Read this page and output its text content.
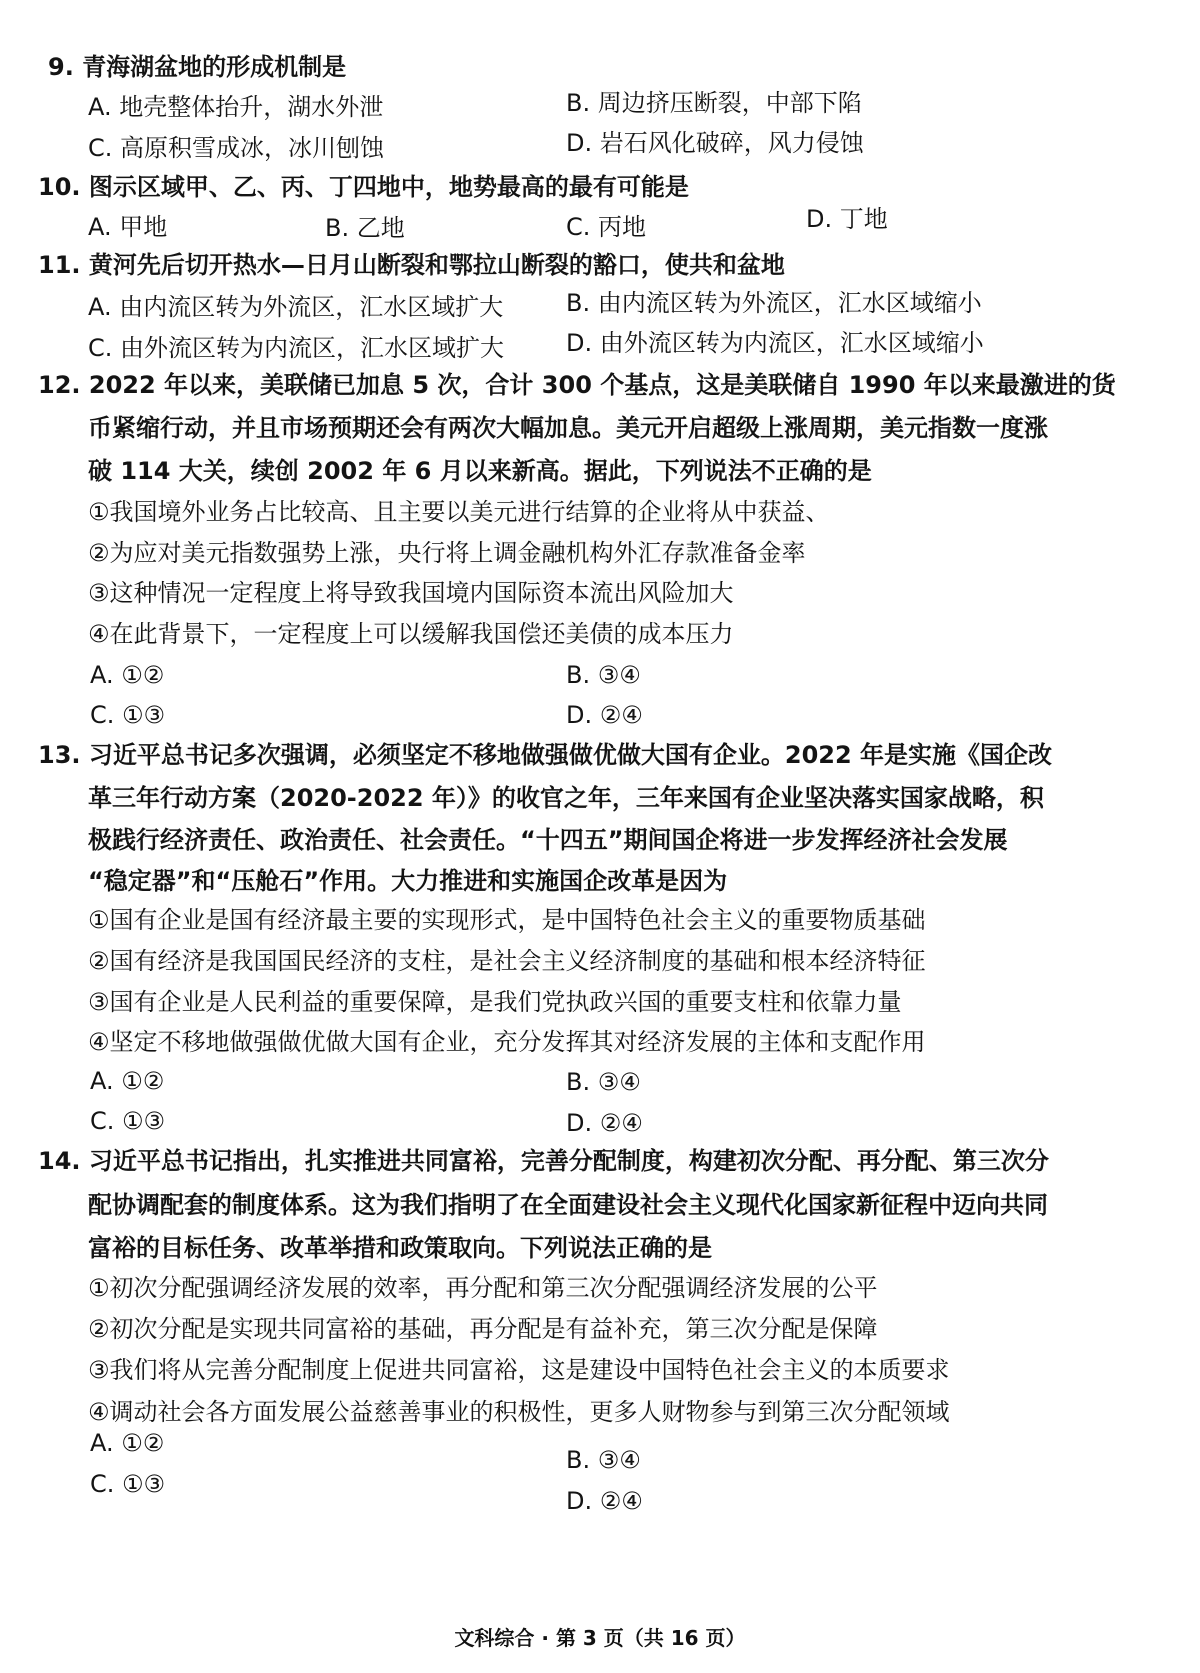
9. 青海湖盆地的形成机制是
A. 地壳整体抬升，湖水外泄	B. 周边挤压断裂，中部下陷
C. 高原积雪成冰，冰川刨蚀	D. 岩石风化破碎，风力侵蚀
10. 图示区域甲、乙、丙、丁四地中，地势最高的最有可能是
A. 甲地	B. 乙地	C. 丙地	D. 丁地
11. 黄河先后切开热水—日月山断裂和鄂拉山断裂的豁口，使共和盆地
A. 由内流区转为外流区，汇水区域扩大	B. 由内流区转为外流区，汇水区域缩小
C. 由外流区转为内流区，汇水区域扩大	D. 由外流区转为内流区，汇水区域缩小
12. 2022 年以来，美联储已加息 5 次，合计 300 个基点，这是美联储自 1990 年以来最激进的货
币紧缩行动，并且市场预期还会有两次大幅加息。美元开启超级上涨周期，美元指数一度涨
破 114 大关，续创 2002 年 6 月以来新高。据此，下列说法不正确的是
①我国境外业务占比较高、且主要以美元进行结算的企业将从中获益、
②为应对美元指数强势上涨，央行将上调金融机构外汇存款准备金率
③这种情况一定程度上将导致我国境内国际资本流出风险加大
④在此背景下，一定程度上可以缓解我国偿还美债的成本压力
A. ①②	B. ③④
C. ①③	D. ②④
13. 习近平总书记多次强调，必须坚定不移地做强做优做大国有企业。2022 年是实施《国企改
革三年行动方案（2020-2022 年）》的收官之年，三年来国有企业坚决落实国家战略，积
极践行经济责任、政治责任、社会责任。“十四五”期间国企将进一步发挥经济社会发展
“稳定器”和“压舱石”作用。大力推进和实施国企改革是因为
①国有企业是国有经济最主要的实现形式，是中国特色社会主义的重要物质基础
②国有经济是我国国民经济的支柱，是社会主义经济制度的基础和根本经济特征
③国有企业是人民利益的重要保障，是我们党执政兴国的重要支柱和依靠力量
④坚定不移地做强做优做大国有企业，充分发挥其对经济发展的主体和支配作用
A. ①②	B. ③④
C. ①③	D. ②④
14. 习近平总书记指出，扎实推进共同富裕，完善分配制度，构建初次分配、再分配、第三次分
配协调配套的制度体系。这为我们指明了在全面建设社会主义现代化国家新征程中迈向共同
富裕的目标任务、改革举措和政策取向。下列说法正确的是
①初次分配强调经济发展的效率，再分配和第三次分配强调经济发展的公平
②初次分配是实现共同富裕的基础，再分配是有益补充，第三次分配是保障
③我们将从完善分配制度上促进共同富裕，这是建设中国特色社会主义的本质要求
④调动社会各方面发展公益慈善事业的积极性，更多人财物参与到第三次分配领域
A. ①②
B. ③④
C. ①③
D. ②④
文科综合 · 第 3 页（共 16 页）
